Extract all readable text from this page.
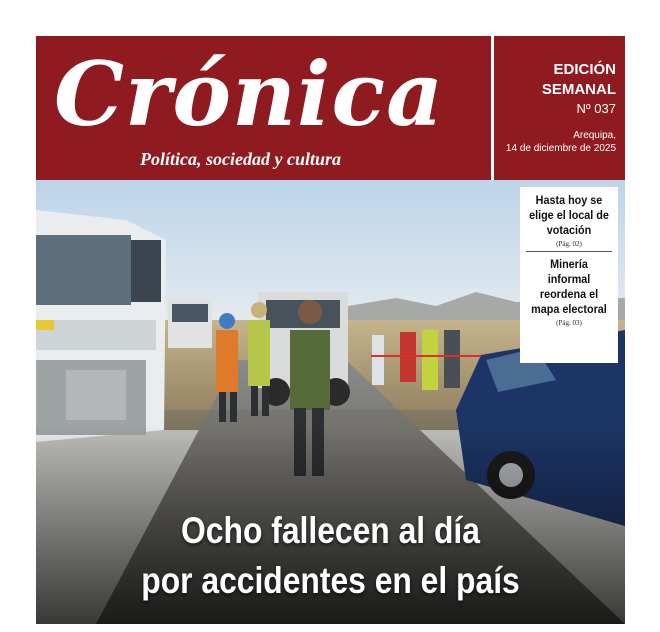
Crónica
Política, sociedad y cultura
EDICIÓN
SEMANAL
Nº 037
Arequipa,
14 de diciembre de 2025
Hasta hoy se elige el local de votación
(Pág. 02)
Minería informal reordena el mapa electoral
(Pág. 03)
Ocho fallecen al día
por accidentes en el país
